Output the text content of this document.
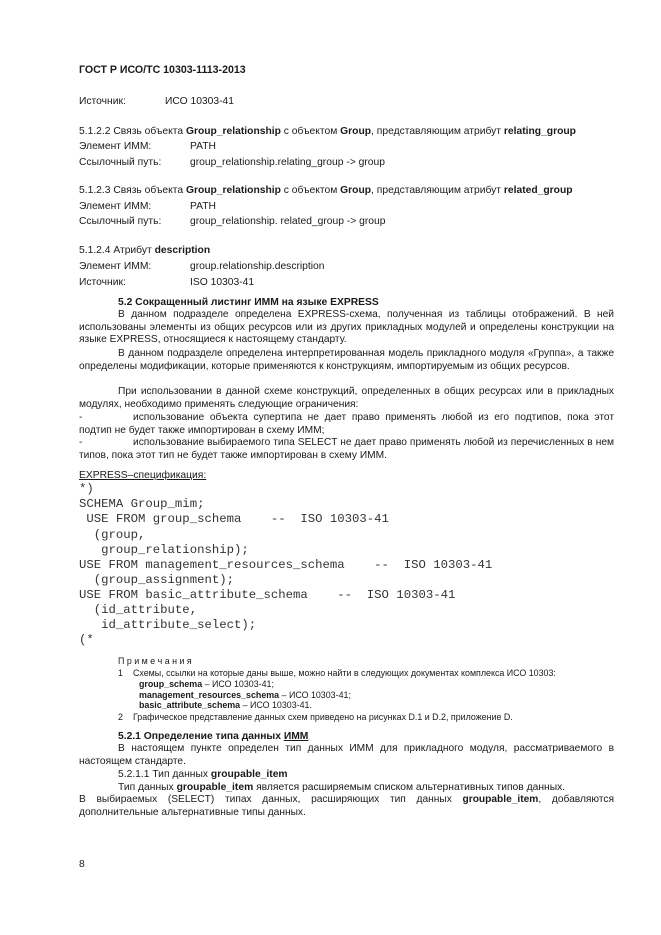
ГОСТ Р ИСО/ТС 10303-1113-2013
Источник:	ИСО 10303-41
5.1.2.2 Связь объекта Group_relationship с объектом Group, представляющим атрибут relating_group
Элемент ИММ:	PATH
Ссылочный путь:	group_relationship.relating_group -> group
5.1.2.3 Связь объекта Group_relationship с объектом Group, представляющим атрибут related_group
Элемент ИММ:	PATH
Ссылочный путь:	group_relationship. related_group -> group
5.1.2.4 Атрибут description
Элемент ИММ:	group.relationship.description
Источник:	ISO 10303-41
5.2 Сокращенный листинг ИММ на языке EXPRESS
В данном подразделе определена EXPRESS-схема, полученная из таблицы отображений. В ней использованы элементы из общих ресурсов или из других прикладных модулей и определены конструкции на языке EXPRESS, относящиеся к настоящему стандарту.
В данном подразделе определена интерпретированная модель прикладного модуля «Группа», а также определены модификации, которые применяются к конструкциям, импортируемым из общих ресурсов.
При использовании в данной схеме конструкций, определенных в общих ресурсах или в прикладных модулях, необходимо применять следующие ограничения:
-	использование объекта супертипа не дает право применять любой из его подтипов, пока этот подтип не будет также импортирован в схему ИММ;
-	использование выбираемого типа SELECT не дает право применять любой из перечисленных в нем типов, пока этот тип не будет также импортирован в схему ИММ.
EXPRESS–спецификация:
*)
SCHEMA Group_mim;
USE FROM group_schema    --  ISO 10303-41
(group,
group_relationship);
USE FROM management_resources_schema    --  ISO 10303-41
(group_assignment);
USE FROM basic_attribute_schema    --  ISO 10303-41
(id_attribute,
id_attribute_select);
(*
П р и м е ч а н и я
1 Схемы, ссылки на которые даны выше, можно найти в следующих документах комплекса ИСО 10303:
group_schema – ИСО 10303-41;
management_resources_schema – ИСО 10303-41;
basic_attribute_schema – ИСО 10303-41.
2 Графическое представление данных схем приведено на рисунках D.1 и D.2, приложение D.
5.2.1 Определение типа данных ИММ
В настоящем пункте определен тип данных ИММ для прикладного модуля, рассматриваемого в настоящем стандарте.
5.2.1.1 Тип данных groupable_item
Тип данных groupable_item является расширяемым списком альтернативных типов данных.
В выбираемых (SELECT) типах данных, расширяющих тип данных groupable_item, добавляются дополнительные альтернативные типы данных.
8
